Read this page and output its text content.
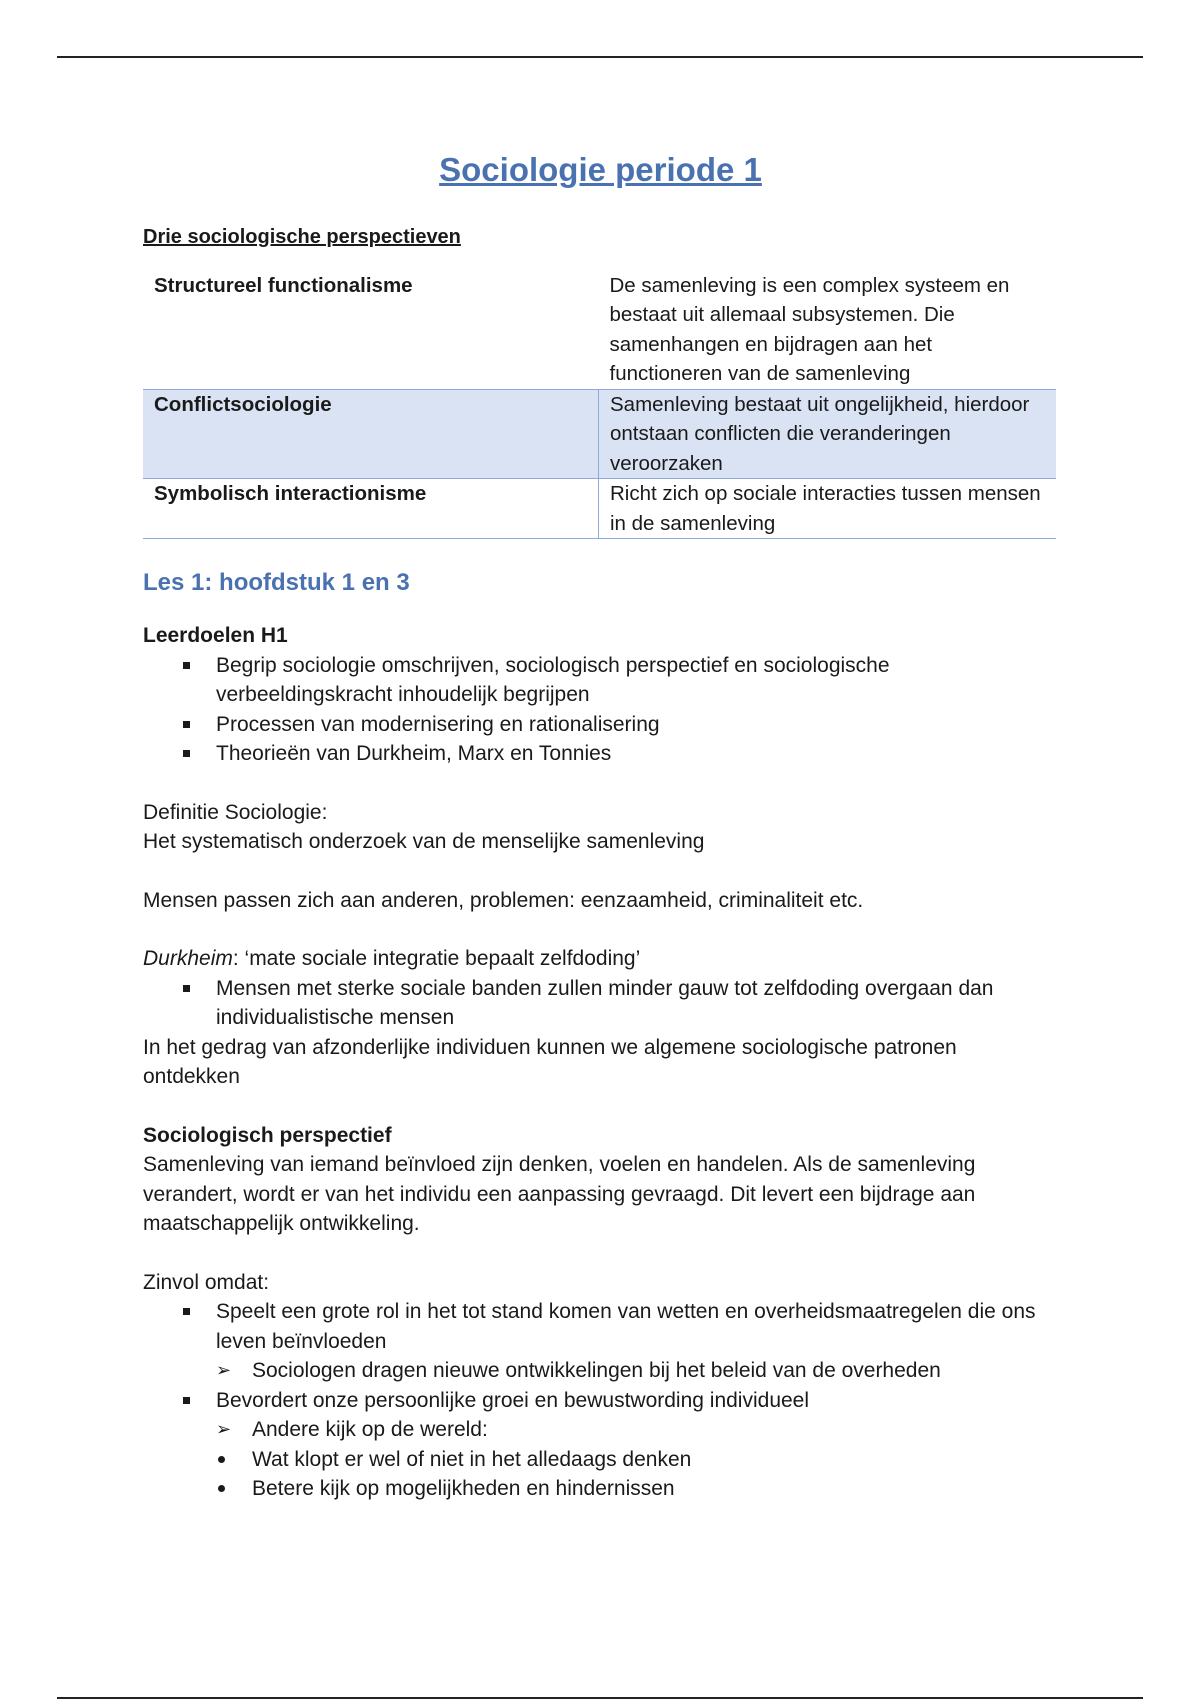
Sociologie periode 1
Drie sociologische perspectieven
Structureel functionalisme	De samenleving is een complex systeem en bestaat uit allemaal subsystemen. Die samenhangen en bijdragen aan het functioneren van de samenleving
Conflictsociologie	Samenleving bestaat uit ongelijkheid, hierdoor ontstaan conflicten die veranderingen veroorzaken
Symbolisch interactionisme	Richt zich op sociale interacties tussen mensen in de samenleving
Les 1: hoofdstuk 1 en 3

Leerdoelen H1

Begrip sociologie omschrijven, sociologisch perspectief en sociologische verbeeldingskracht inhoudelijk begrijpen
Processen van modernisering en rationalisering
Theorieën van Durkheim, Marx en Tonnies

Definitie Sociologie:

Het systematisch onderzoek van de menselijke samenleving

Mensen passen zich aan anderen, problemen: eenzaamheid, criminaliteit etc.

Durkheim: ‘mate sociale integratie bepaalt zelfdoding’

Mensen met sterke sociale banden zullen minder gauw tot zelfdoding overgaan dan individualistische mensen

In het gedrag van afzonderlijke individuen kunnen we algemene sociologische patronen ontdekken

Sociologisch perspectief

Samenleving van iemand beïnvloed zijn denken, voelen en handelen. Als de samenleving verandert, wordt er van het individu een aanpassing gevraagd. Dit levert een bijdrage aan maatschappelijk ontwikkeling.

Zinvol omdat:

Speelt een grote rol in het tot stand komen van wetten en overheidsmaatregelen die ons leven beïnvloeden
➢ Sociologen dragen nieuwe ontwikkelingen bij het beleid van de overheden
Bevordert onze persoonlijke groei en bewustwording individueel
➢ Andere kijk op de wereld:
Wat klopt er wel of niet in het alledaags denken
Betere kijk op mogelijkheden en hindernissen
